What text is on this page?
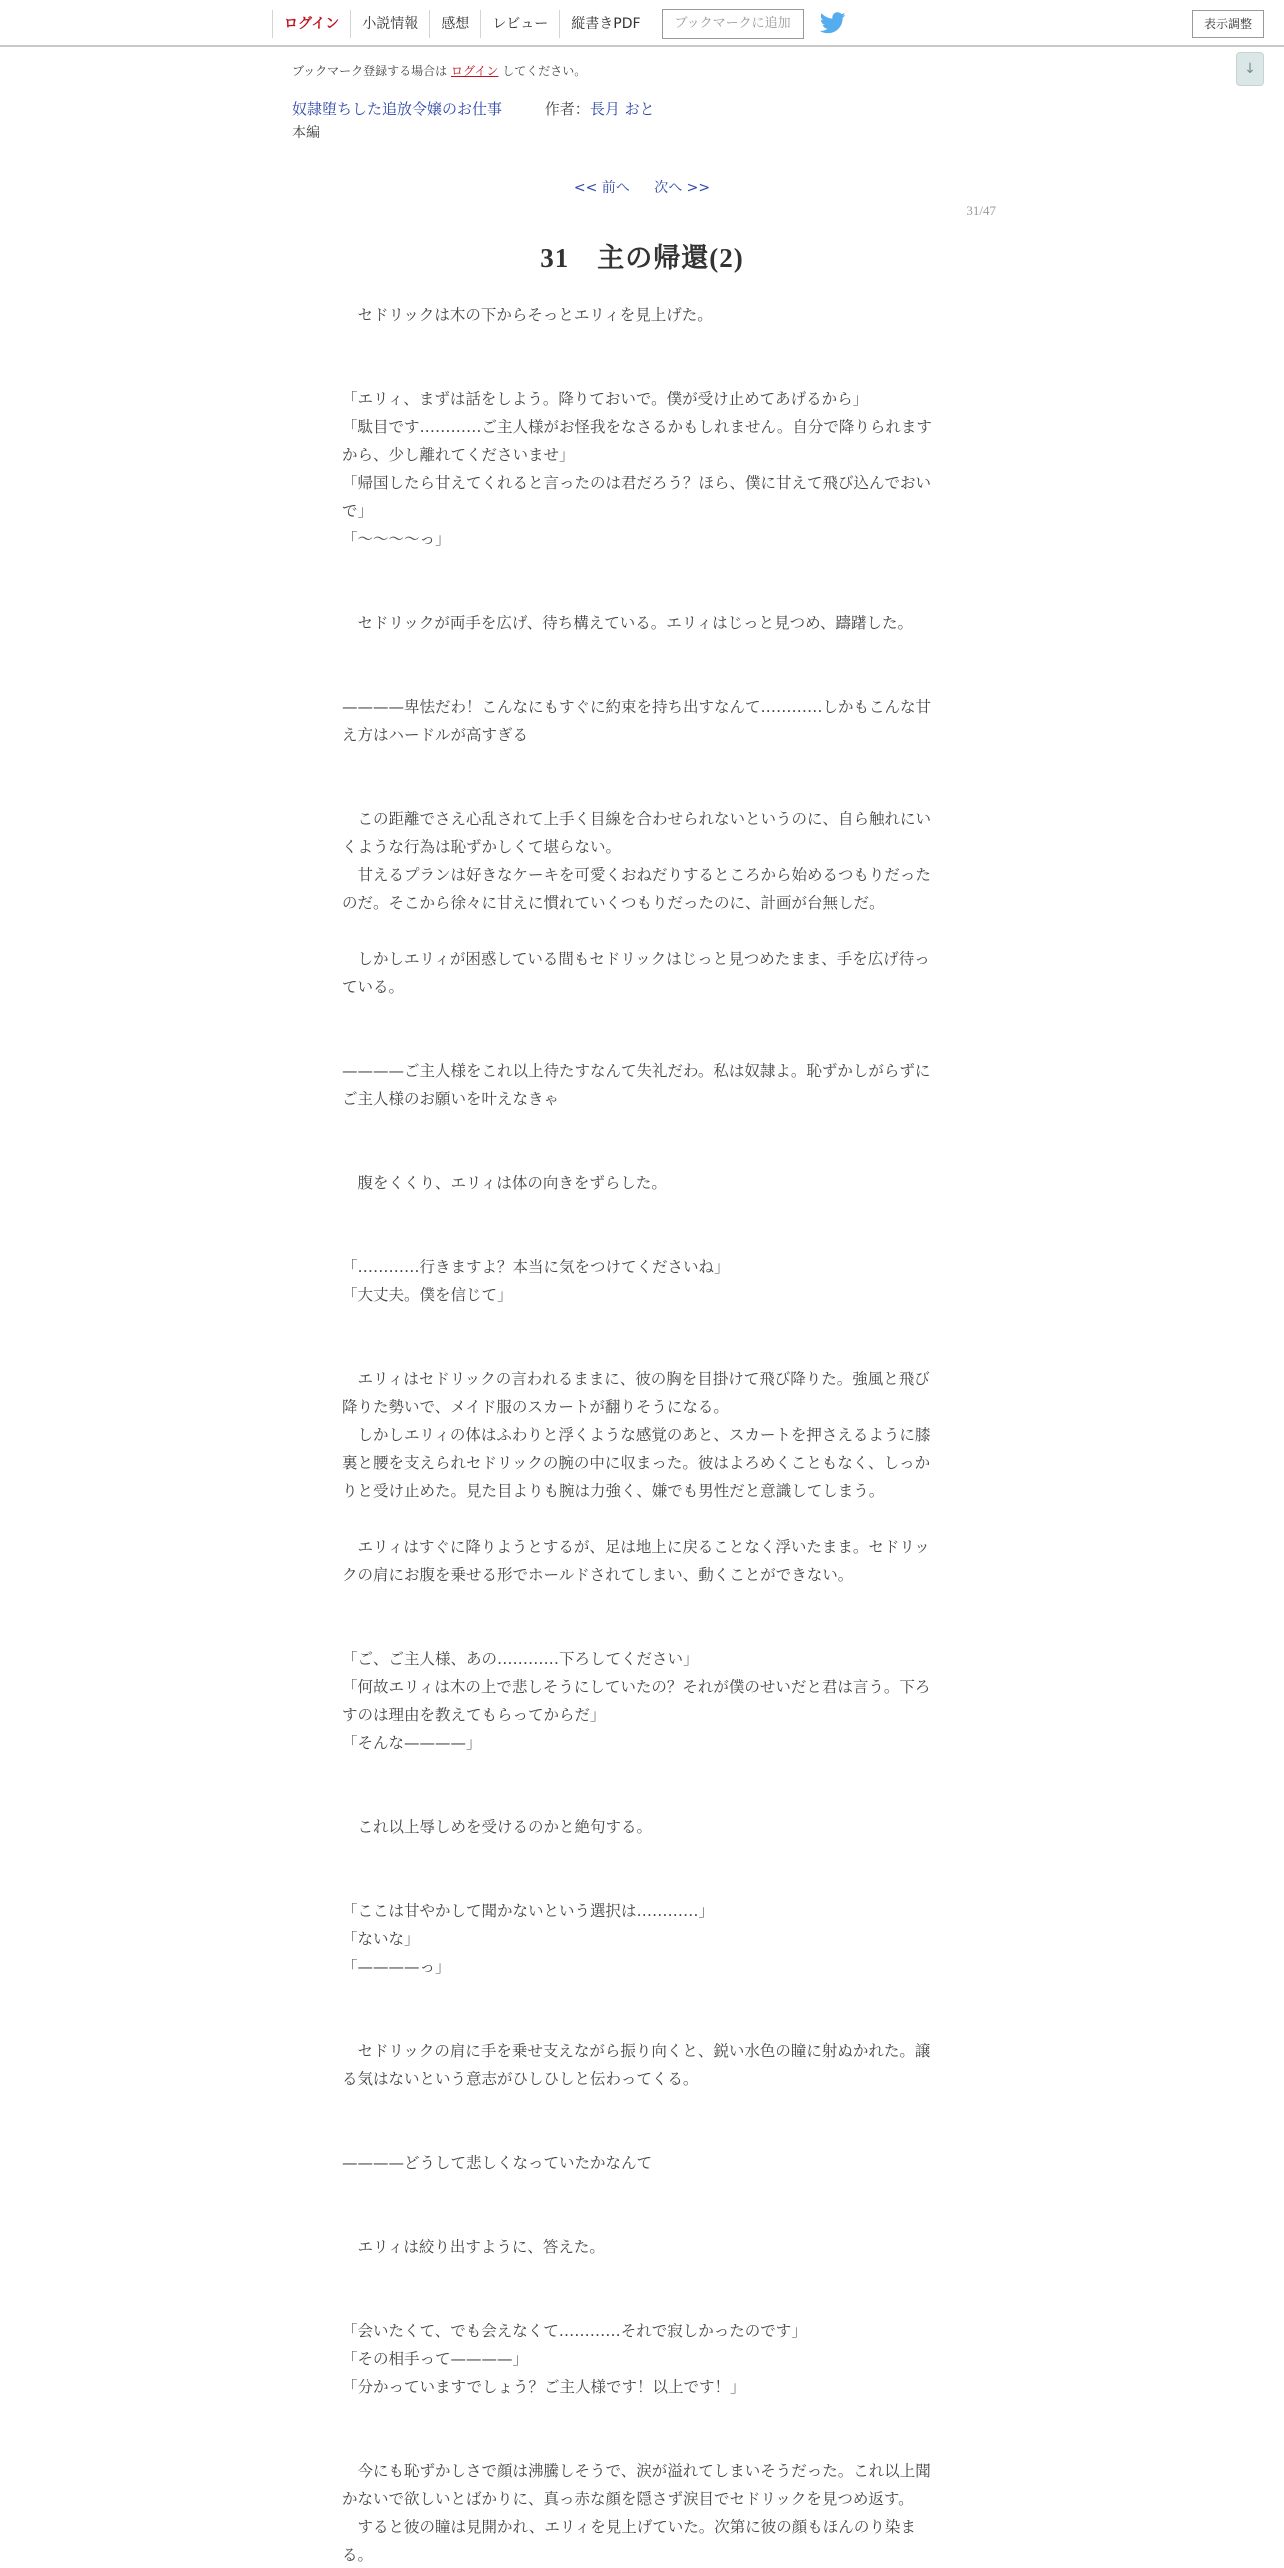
ログイン	小説情報	感想	レビュー	縦書きPDF	ブックマークに追加	表示調整
↓
ブックマーク登録する場合は ログイン してください。
奴隷堕ちした追放令嬢のお仕事	作者：長月 おと
本編
<< 前へ 次へ >>
31/47
31　主の帰還(2)

　セドリックは木の下からそっとエリィを見上げた。

「エリィ、まずは話をしよう。降りておいで。僕が受け止めてあげるから」

「駄目です…………ご主人様がお怪我をなさるかもしれません。自分で降りられますから、少し離れてくださいませ」

「帰国したら甘えてくれると言ったのは君だろう？ほら、僕に甘えて飛び込んでおいで」

「～～～～っ」

　セドリックが両手を広げ、待ち構えている。エリィはじっと見つめ、躊躇した。

————卑怯だわ！こんなにもすぐに約束を持ち出すなんて…………しかもこんな甘え方はハードルが高すぎる

　この距離でさえ心乱されて上手く目線を合わせられないというのに、自ら触れにいくような行為は恥ずかしくて堪らない。

　甘えるプランは好きなケーキを可愛くおねだりするところから始めるつもりだったのだ。そこから徐々に甘えに慣れていくつもりだったのに、計画が台無しだ。

　しかしエリィが困惑している間もセドリックはじっと見つめたまま、手を広げ待っている。

————ご主人様をこれ以上待たすなんて失礼だわ。私は奴隷よ。恥ずかしがらずにご主人様のお願いを叶えなきゃ

　腹をくくり、エリィは体の向きをずらした。

「…………行きますよ？本当に気をつけてくださいね」

「大丈夫。僕を信じて」

　エリィはセドリックの言われるままに、彼の胸を目掛けて飛び降りた。強風と飛び降りた勢いで、メイド服のスカートが翻りそうになる。

　しかしエリィの体はふわりと浮くような感覚のあと、スカートを押さえるように膝裏と腰を支えられセドリックの腕の中に収まった。彼はよろめくこともなく、しっかりと受け止めた。見た目よりも腕は力強く、嫌でも男性だと意識してしまう。

　エリィはすぐに降りようとするが、足は地上に戻ることなく浮いたまま。セドリックの肩にお腹を乗せる形でホールドされてしまい、動くことができない。

「ご、ご主人様、あの…………下ろしてください」

「何故エリィは木の上で悲しそうにしていたの？それが僕のせいだと君は言う。下ろすのは理由を教えてもらってからだ」

「そんな————」

　これ以上辱しめを受けるのかと絶句する。

「ここは甘やかして聞かないという選択は…………」

「ないな」

「————っ」

　セドリックの肩に手を乗せ支えながら振り向くと、鋭い水色の瞳に射ぬかれた。譲る気はないという意志がひしひしと伝わってくる。

————どうして悲しくなっていたかなんて

　エリィは絞り出すように、答えた。

「会いたくて、でも会えなくて…………それで寂しかったのです」

「その相手って————」

「分かっていますでしょう？ご主人様です！以上です！」

　今にも恥ずかしさで顔は沸騰しそうで、涙が溢れてしまいそうだった。これ以上聞かないで欲しいとばかりに、真っ赤な顔を隠さず涙目でセドリックを見つめ返す。

　すると彼の瞳は見開かれ、エリィを見上げていた。次第に彼の顔もほんのり染まる。
